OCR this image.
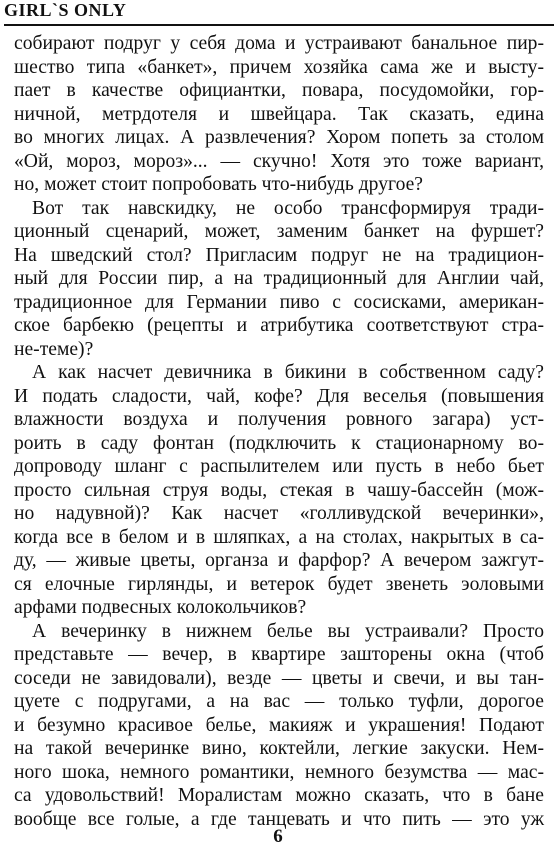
GIRL`S ONLY

собирают подруг у себя дома и устраивают банальное пир-
шество типа «банкет», причем хозяйка сама же и высту-
пает в качестве официантки, повара, посудомойки, гор-
ничной, метрдотеля и швейцара. Так сказать, едина
во многих лицах. А развлечения? Хором попеть за столом
«Ой, мороз, мороз»... — скучно! Хотя это тоже вариант,
но, может стоит попробовать что-нибудь другое?

Вот так навскидку, не особо трансформируя тради-
ционный сценарий, может, заменим банкет на фуршет?
На шведский стол? Пригласим подруг не на традицион-
ный для России пир, а на традиционный для Англии чай,
традиционное для Германии пиво с сосисками, американ-
ское барбекю (рецепты и атрибутика соответствуют стра-
не-теме)?

А как насчет девичника в бикини в собственном саду?
И подать сладости, чай, кофе? Для веселья (повышения
влажности воздуха и получения ровного загара) уст-
роить в саду фонтан (подключить к стационарному во-
допроводу шланг с распылителем или пусть в небо бьет
просто сильная струя воды, стекая в чашу-бассейн (мож-
но надувной)? Как насчет «голливудской вечеринки»,
когда все в белом и в шляпках, а на столах, накрытых в са-
ду, — живые цветы, органза и фарфор? А вечером зажгут-
ся елочные гирлянды, и ветерок будет звенеть эоловыми
арфами подвесных колокольчиков?

А вечеринку в нижнем белье вы устраивали? Просто
представьте — вечер, в квартире зашторены окна (чтоб
соседи не завидовали), везде — цветы и свечи, и вы тан-
цуете с подругами, а на вас — только туфли, дорогое
и безумно красивое белье, макияж и украшения! Подают
на такой вечеринке вино, коктейли, легкие закуски. Нем-
ного шока, немного романтики, немного безумства — мас-
са удовольствий! Моралистам можно сказать, что в бане
вообще все голые, а где танцевать и что пить — это уж

6
